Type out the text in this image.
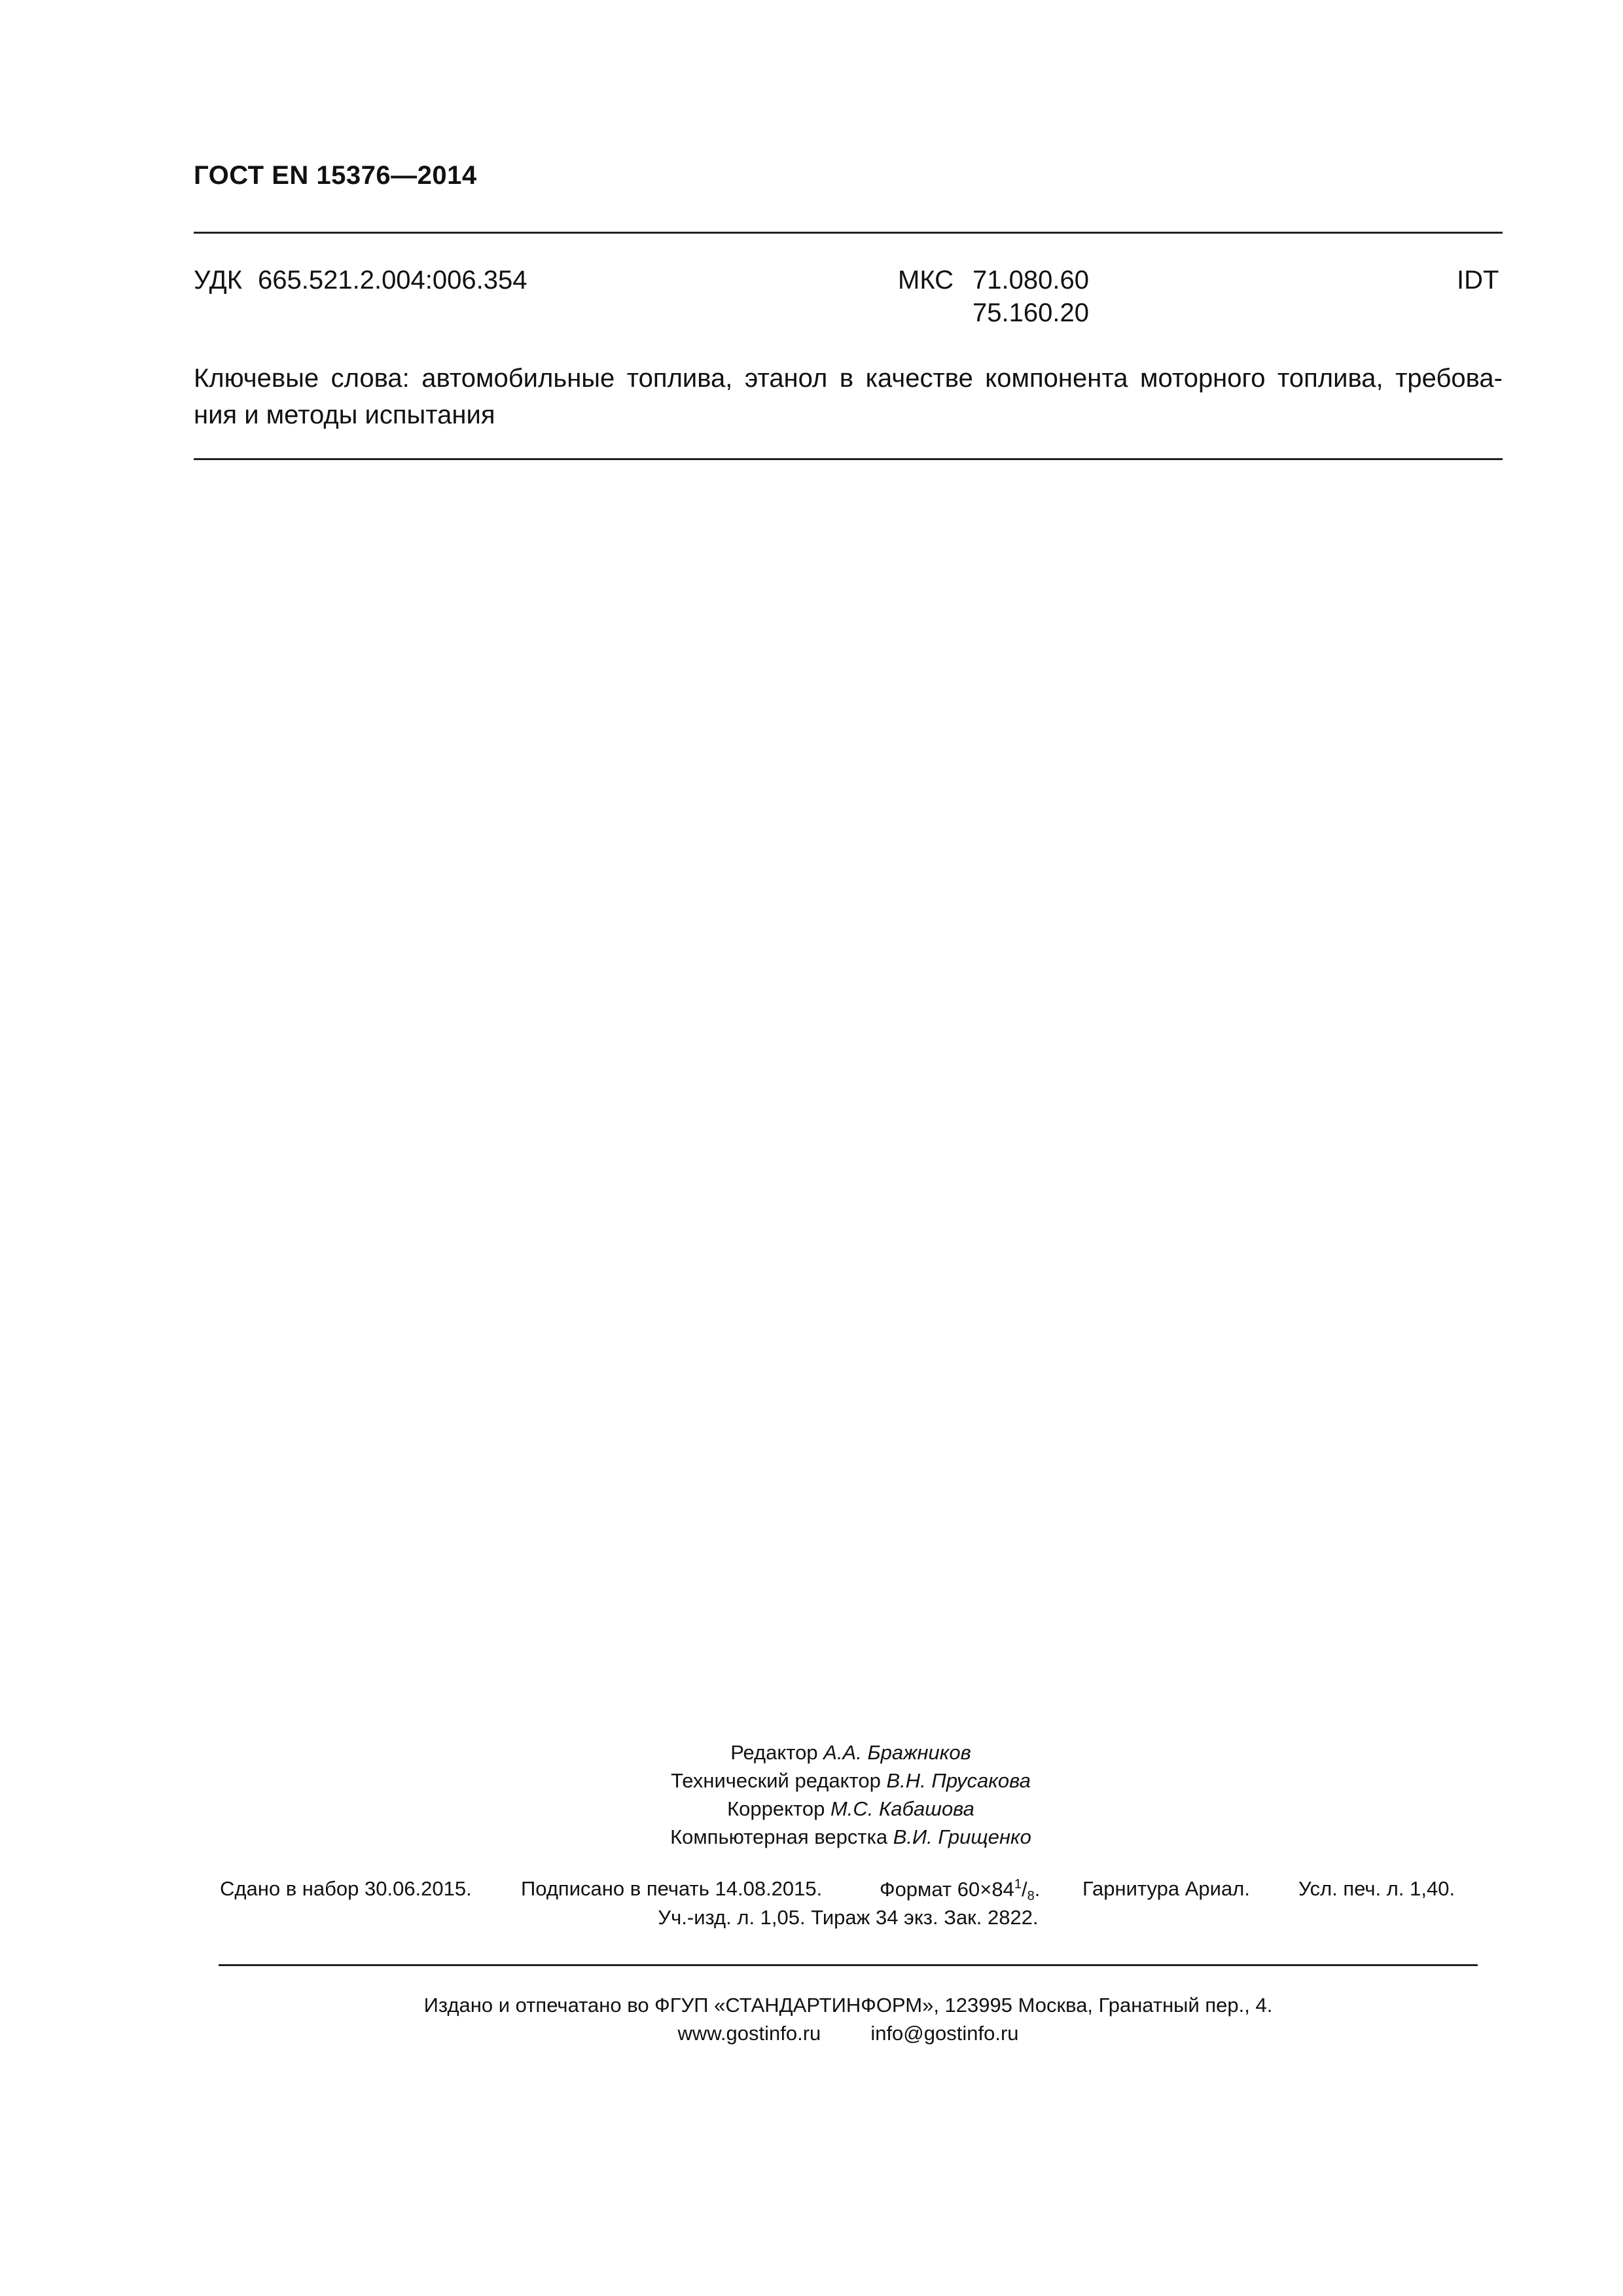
ГОСТ EN 15376—2014
УДК 665.521.2.004:006.354	МКС 71.080.60
75.160.20
IDT
Ключевые слова: автомобильные топлива, этанол в качестве компонента моторного топлива, требова-
ния и методы испытания
Редактор А.А. Бражников
Технический редактор В.Н. Прусакова
Корректор М.С. Кабашова
Компьютерная верстка В.И. Грищенко
Сдано в набор 30.06.2015. Подписано в печать 14.08.2015.	Формат $60\times 84^1/_8$. Гарнитура Ариал. Усл. печ. л. 1,40.
Уч.-изд. л. 1,05. Тираж 34 экз. Зак. 2822.
Издано и отпечатано во ФГУП «СТАНДАРТИНФОРМ», 123995 Москва, Гранатный пер., 4.
www.gostinfo.ru info@gostinfo.ru
